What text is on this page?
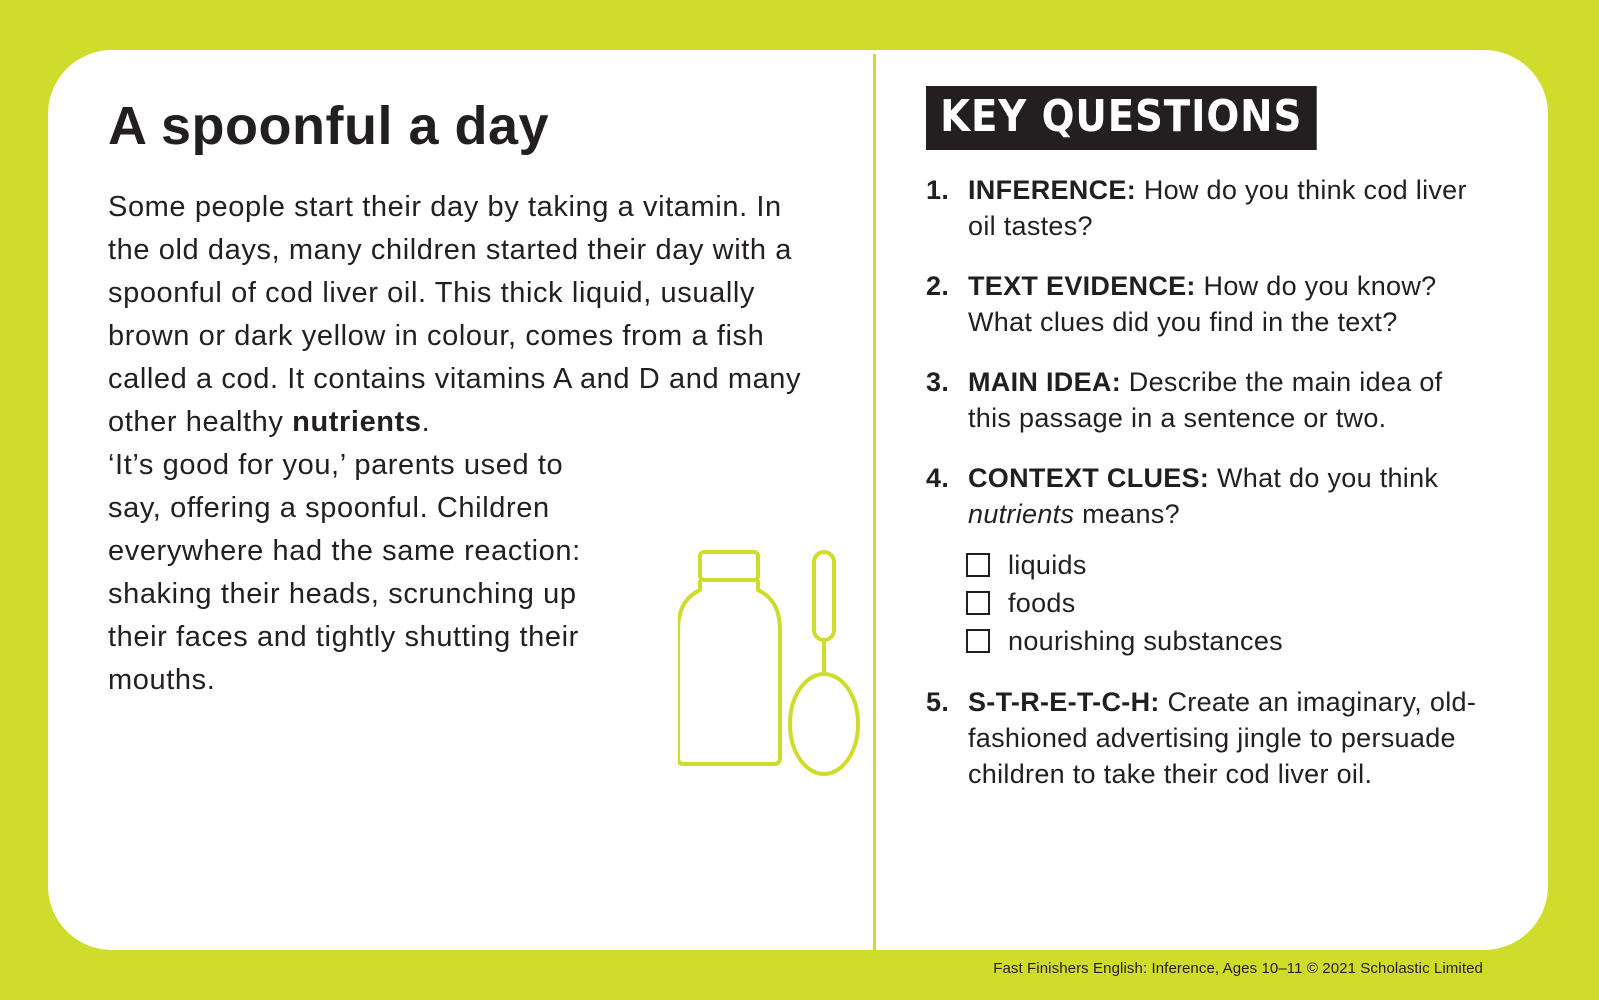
A spoonful a day

Some people start their day by taking a vitamin. In the old days, many children started their day with a spoonful of cod liver oil. This thick liquid, usually brown or dark yellow in colour, comes from a fish called a cod. It contains vitamins A and D and many other healthy nutrients.

‘It’s good for you,’ parents used to say, offering a spoonful. Children everywhere had the same reaction: shaking their heads, scrunching up their faces and tightly shutting their mouths.

KEY QUESTIONS
1. INFERENCE: How do you think cod liver oil tastes?
2. TEXT EVIDENCE: How do you know? What clues did you find in the text?
3. MAIN IDEA: Describe the main idea of this passage in a sentence or two.
4. CONTEXT CLUES: What do you think nutrients means?
liquids
foods
nourishing substances
5. S-T-R-E-T-C-H: Create an imaginary, old-fashioned advertising jingle to persuade children to take their cod liver oil.
Fast Finishers English: Inference, Ages 10–11 © 2021 Scholastic Limited
